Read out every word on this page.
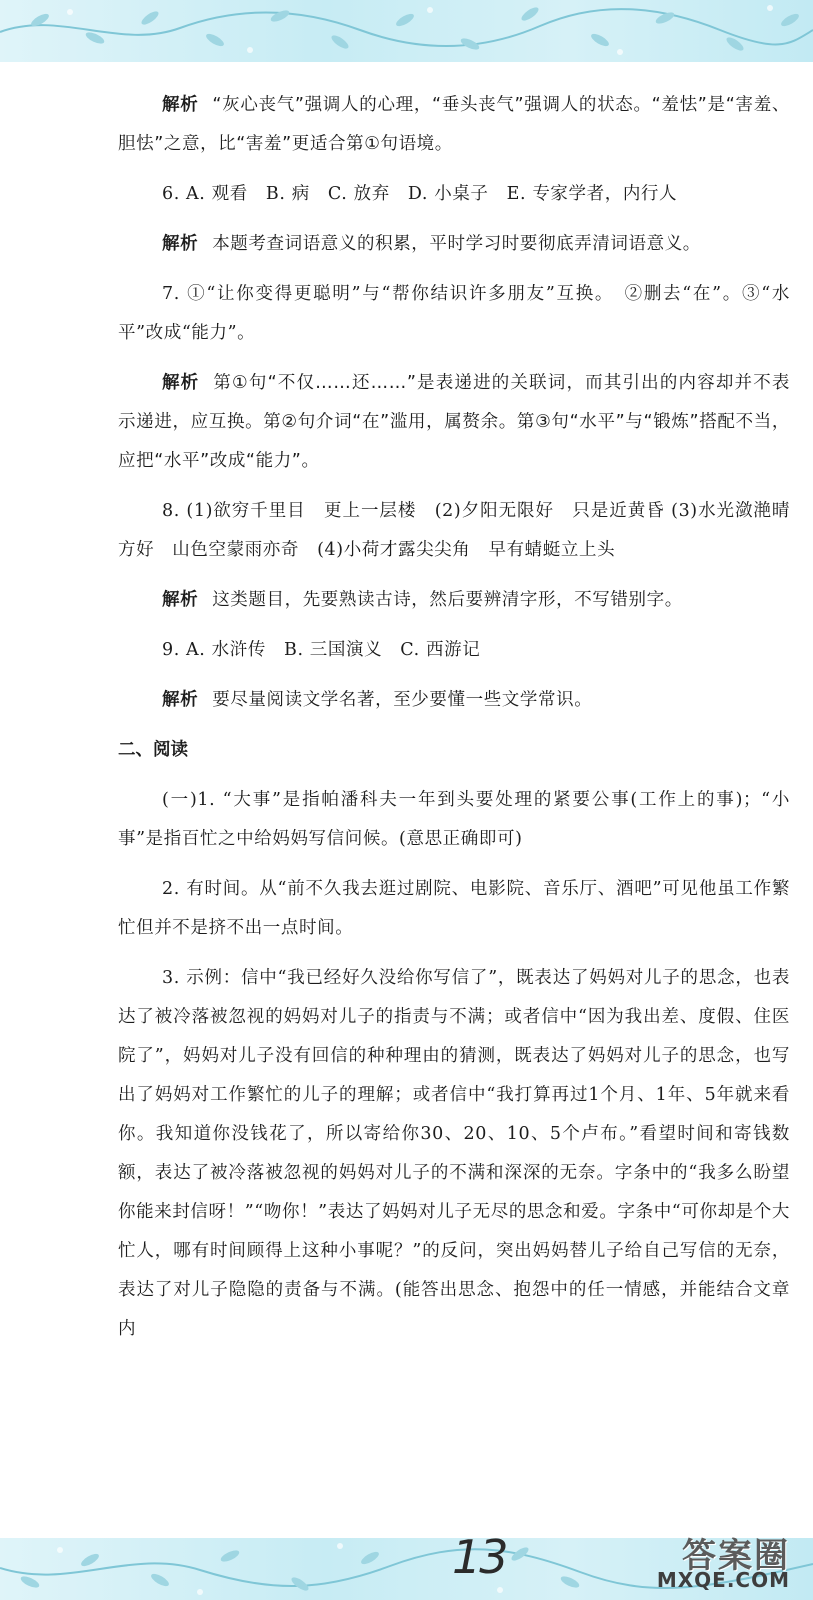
解析 “灰心丧气”强调人的心理，“垂头丧气”强调人的状态。“羞怯”是“害羞、胆怯”之意，比“害羞”更适合第①句语境。

6. A. 观看　B. 病　C. 放弃　D. 小桌子　E. 专家学者，内行人

解析 本题考查词语意义的积累，平时学习时要彻底弄清词语意义。

7. ①“让你变得更聪明”与“帮你结识许多朋友”互换。　②删去“在”。③“水平”改成“能力”。

解析 第①句“不仅……还……”是表递进的关联词，而其引出的内容却并不表示递进，应互换。第②句介词“在”滥用，属赘余。第③句“水平”与“锻炼”搭配不当，应把“水平”改成“能力”。

8. (1)欲穷千里目　更上一层楼　(2)夕阳无限好　只是近黄昏 (3)水光潋滟晴方好　山色空蒙雨亦奇　(4)小荷才露尖尖角　早有蜻蜓立上头

解析 这类题目，先要熟读古诗，然后要辨清字形，不写错别字。

9. A. 水浒传　B. 三国演义　C. 西游记

解析 要尽量阅读文学名著，至少要懂一些文学常识。

二、阅读

(一)1. “大事”是指帕潘科夫一年到头要处理的紧要公事(工作上的事)；“小事”是指百忙之中给妈妈写信问候。(意思正确即可)

2. 有时间。从“前不久我去逛过剧院、电影院、音乐厅、酒吧”可见他虽工作繁忙但并不是挤不出一点时间。

3. 示例：信中“我已经好久没给你写信了”，既表达了妈妈对儿子的思念，也表达了被冷落被忽视的妈妈对儿子的指责与不满；或者信中“因为我出差、度假、住医院了”，妈妈对儿子没有回信的种种理由的猜测，既表达了妈妈对儿子的思念，也写出了妈妈对工作繁忙的儿子的理解；或者信中“我打算再过1个月、1年、5年就来看你。我知道你没钱花了，所以寄给你30、20、10、5个卢布。”看望时间和寄钱数额，表达了被冷落被忽视的妈妈对儿子的不满和深深的无奈。字条中的“我多么盼望你能来封信呀！”“吻你！”表达了妈妈对儿子无尽的思念和爱。字条中“可你却是个大忙人，哪有时间顾得上这种小事呢？”的反问，突出妈妈替儿子给自己写信的无奈，表达了对儿子隐隐的责备与不满。(能答出思念、抱怨中的任一情感，并能结合文章内

13	答案圈
MXQE.COM
